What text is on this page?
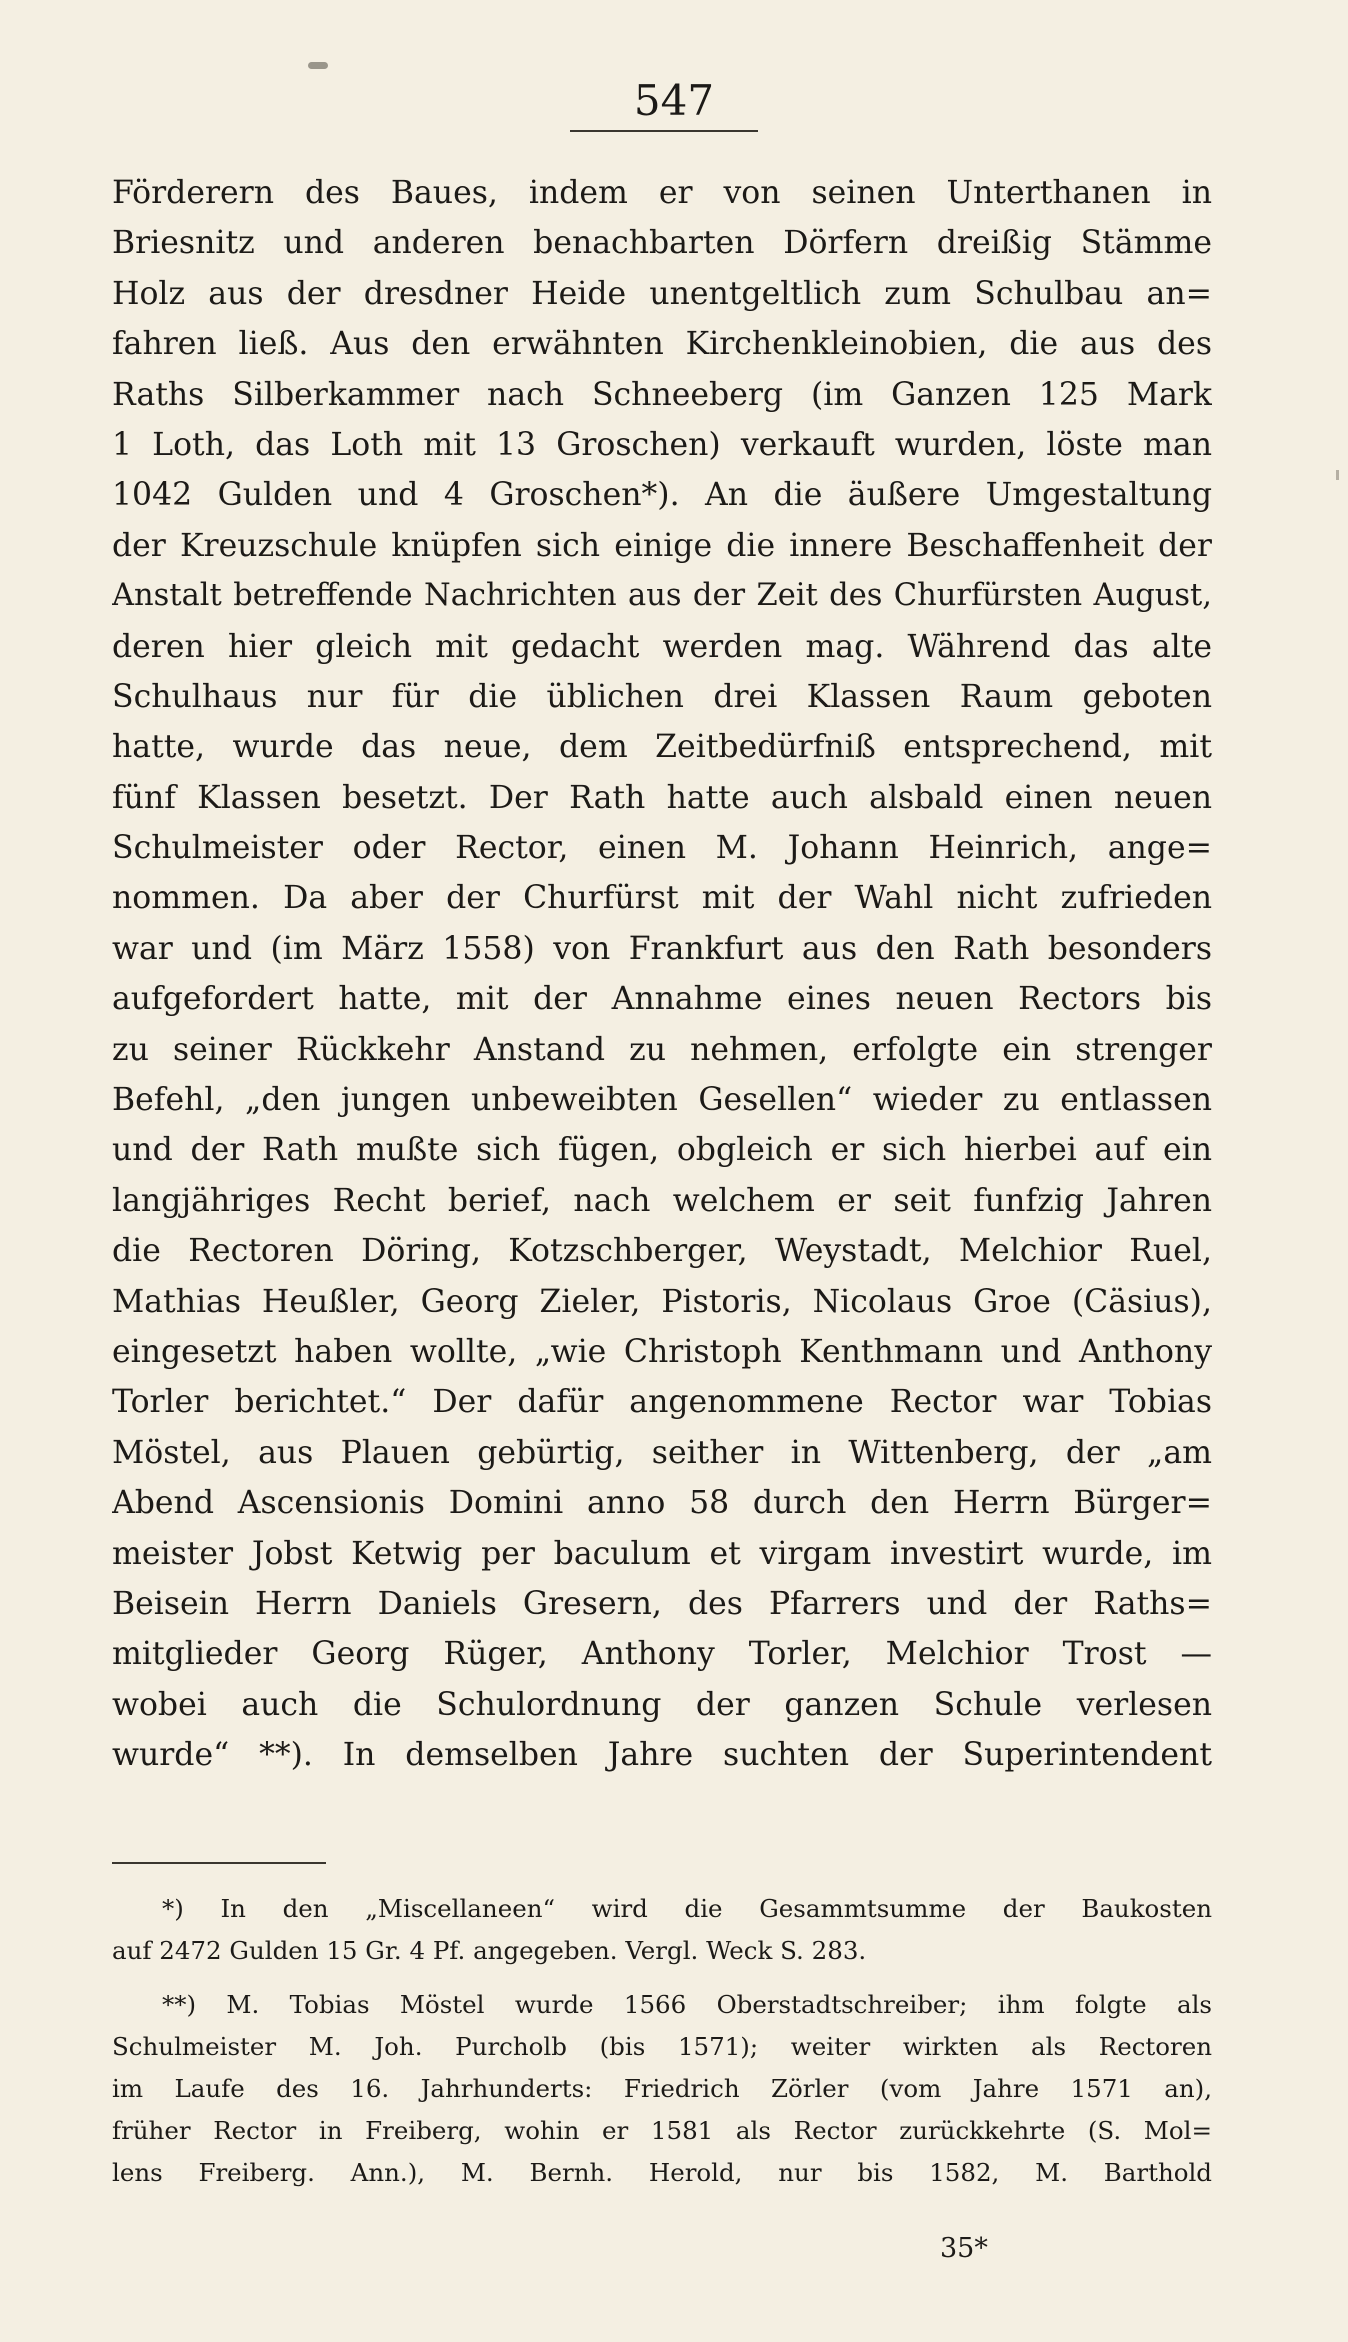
547
Förderern des Baues, indem er von seinen Unterthanen in
Briesnitz und anderen benachbarten Dörfern dreißig Stämme
Holz aus der dresdner Heide unentgeltlich zum Schulbau an=
fahren ließ. Aus den erwähnten Kirchenkleinobien, die aus des
Raths Silberkammer nach Schneeberg (im Ganzen 125 Mark
1 Loth, das Loth mit 13 Groschen) verkauft wurden, löste man
1042 Gulden und 4 Groschen*). An die äußere Umgestaltung
der Kreuzschule knüpfen sich einige die innere Beschaffenheit der
Anstalt betreffende Nachrichten aus der Zeit des Churfürsten August,
deren hier gleich mit gedacht werden mag. Während das alte
Schulhaus nur für die üblichen drei Klassen Raum geboten
hatte, wurde das neue, dem Zeitbedürfniß entsprechend, mit
fünf Klassen besetzt. Der Rath hatte auch alsbald einen neuen
Schulmeister oder Rector, einen M. Johann Heinrich, ange=
nommen. Da aber der Churfürst mit der Wahl nicht zufrieden
war und (im März 1558) von Frankfurt aus den Rath besonders
aufgefordert hatte, mit der Annahme eines neuen Rectors bis
zu seiner Rückkehr Anstand zu nehmen, erfolgte ein strenger
Befehl, „den jungen unbeweibten Gesellen“ wieder zu entlassen
und der Rath mußte sich fügen, obgleich er sich hierbei auf ein
langjähriges Recht berief, nach welchem er seit funfzig Jahren
die Rectoren Döring, Kotzschberger, Weystadt, Melchior Ruel,
Mathias Heußler, Georg Zieler, Pistoris, Nicolaus Groe (Cäsius),
eingesetzt haben wollte, „wie Christoph Kenthmann und Anthony
Torler berichtet.“ Der dafür angenommene Rector war Tobias
Möstel, aus Plauen gebürtig, seither in Wittenberg, der „am
Abend Ascensionis Domini anno 58 durch den Herrn Bürger=
meister Jobst Ketwig per baculum et virgam investirt wurde, im
Beisein Herrn Daniels Gresern, des Pfarrers und der Raths=
mitglieder Georg Rüger, Anthony Torler, Melchior Trost —
wobei auch die Schulordnung der ganzen Schule verlesen
wurde“ **). In demselben Jahre suchten der Superintendent
*) In den „Miscellaneen“ wird die Gesammtsumme der Baukosten
auf 2472 Gulden 15 Gr. 4 Pf. angegeben. Vergl. Weck S. 283.
**) M. Tobias Möstel wurde 1566 Oberstadtschreiber; ihm folgte als
Schulmeister M. Joh. Purcholb (bis 1571); weiter wirkten als Rectoren
im Laufe des 16. Jahrhunderts: Friedrich Zörler (vom Jahre 1571 an),
früher Rector in Freiberg, wohin er 1581 als Rector zurückkehrte (S. Mol=
lens Freiberg. Ann.), M. Bernh. Herold, nur bis 1582, M. Barthold
35*
